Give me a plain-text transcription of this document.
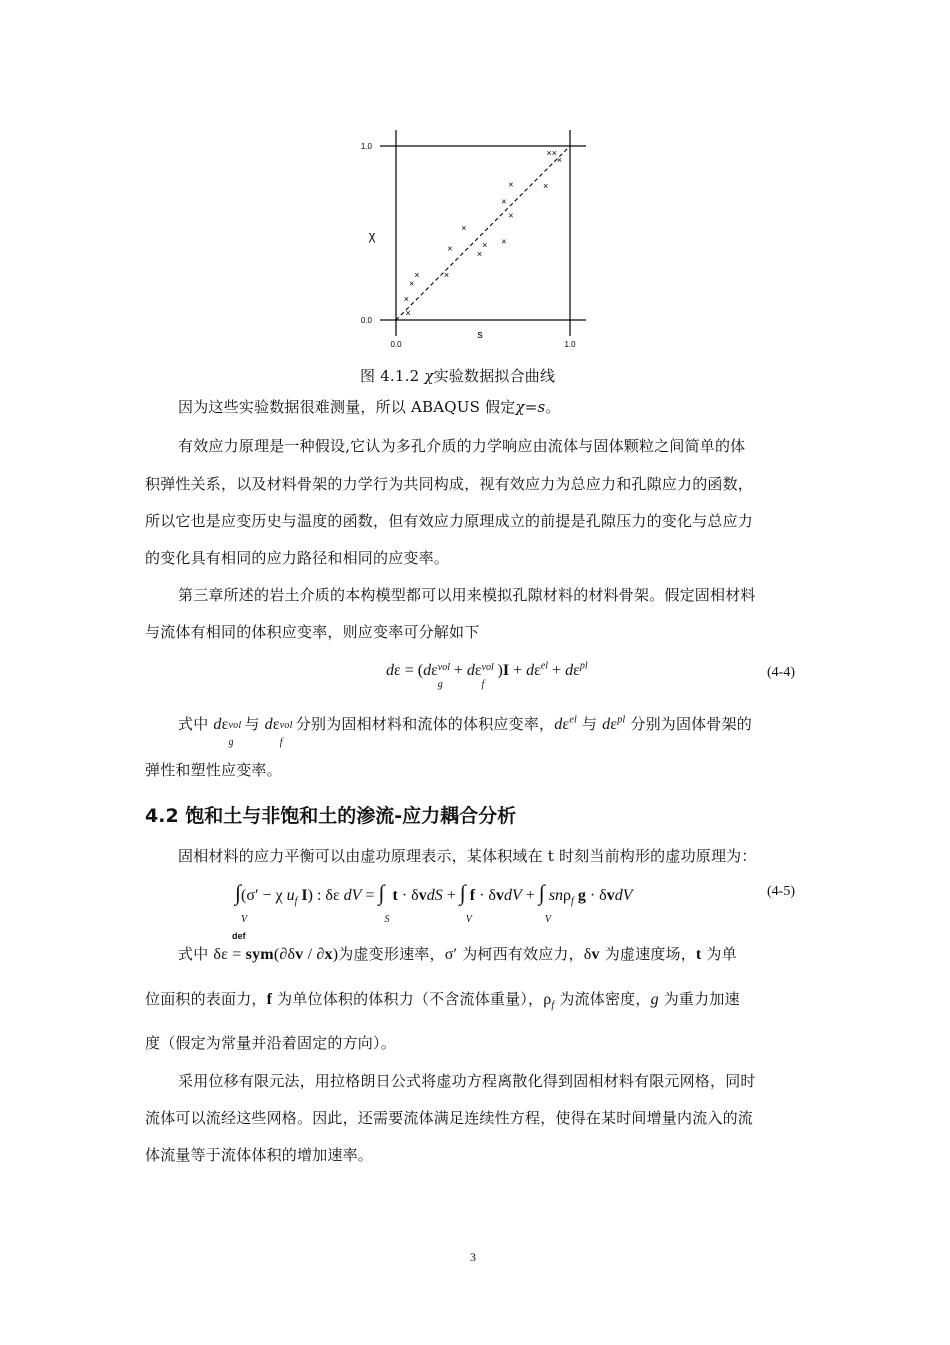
×
×
×
×	×
×
×
×
× ×
×
×
×	×
× ×
×
1.0
0.0
0.0	1.0
χ
s
图 4.1.2 χ实验数据拟合曲线
因为这些实验数据很难测量，所以 ABAQUS 假定χ=s。
有效应力原理是一种假设,它认为多孔介质的力学响应由流体与固体颗粒之间简单的体
积弹性关系，以及材料骨架的力学行为共同构成，视有效应力为总应力和孔隙应力的函数，
所以它也是应变历史与温度的函数，但有效应力原理成立的前提是孔隙压力的变化与总应力
的变化具有相同的应力路径和相同的应变率。
第三章所述的岩土介质的本构模型都可以用来模拟孔隙材料的材料骨架。假定固相材料
与流体有相同的体积应变率，则应变率可分解如下
dε = (dε vol
g
+ dε vol
f
)$I + d\varepsilon^{el} + d\varepsilon^{pl}$	(4-4)
式中 dε vol
g
与 dε vol
f
分别为固相材料和流体的体积应变率，$d\varepsilon^{el}$ 与 $d\varepsilon^{pl}$ 分别为固体骨架的
弹性和塑性应变率。
4.2 饱和土与非饱和土的渗流-应力耦合分析
固相材料的应力平衡可以由虚功原理表示，某体积域在 t 时刻当前构形的虚功原理为：
∫
V
(σ′ − χ $u_f$ I) : δε dV = ∫
S
t · δvdS + ∫
V
f · δvdV + ∫
V
snρ$_f$ g · δvdV	(4-5)
def
式中 δε = sym(∂δv / ∂x)为虚变形速率，σ′ 为柯西有效应力，δv 为虚速度场，t 为单
位面积的表面力，f 为单位体积的体积力（不含流体重量），$\rho_f$ 为流体密度，g 为重力加速
度（假定为常量并沿着固定的方向）。
采用位移有限元法，用拉格朗日公式将虚功方程离散化得到固相材料有限元网格，同时
流体可以流经这些网格。因此，还需要流体满足连续性方程，使得在某时间增量内流入的流
体流量等于流体体积的增加速率。
3
